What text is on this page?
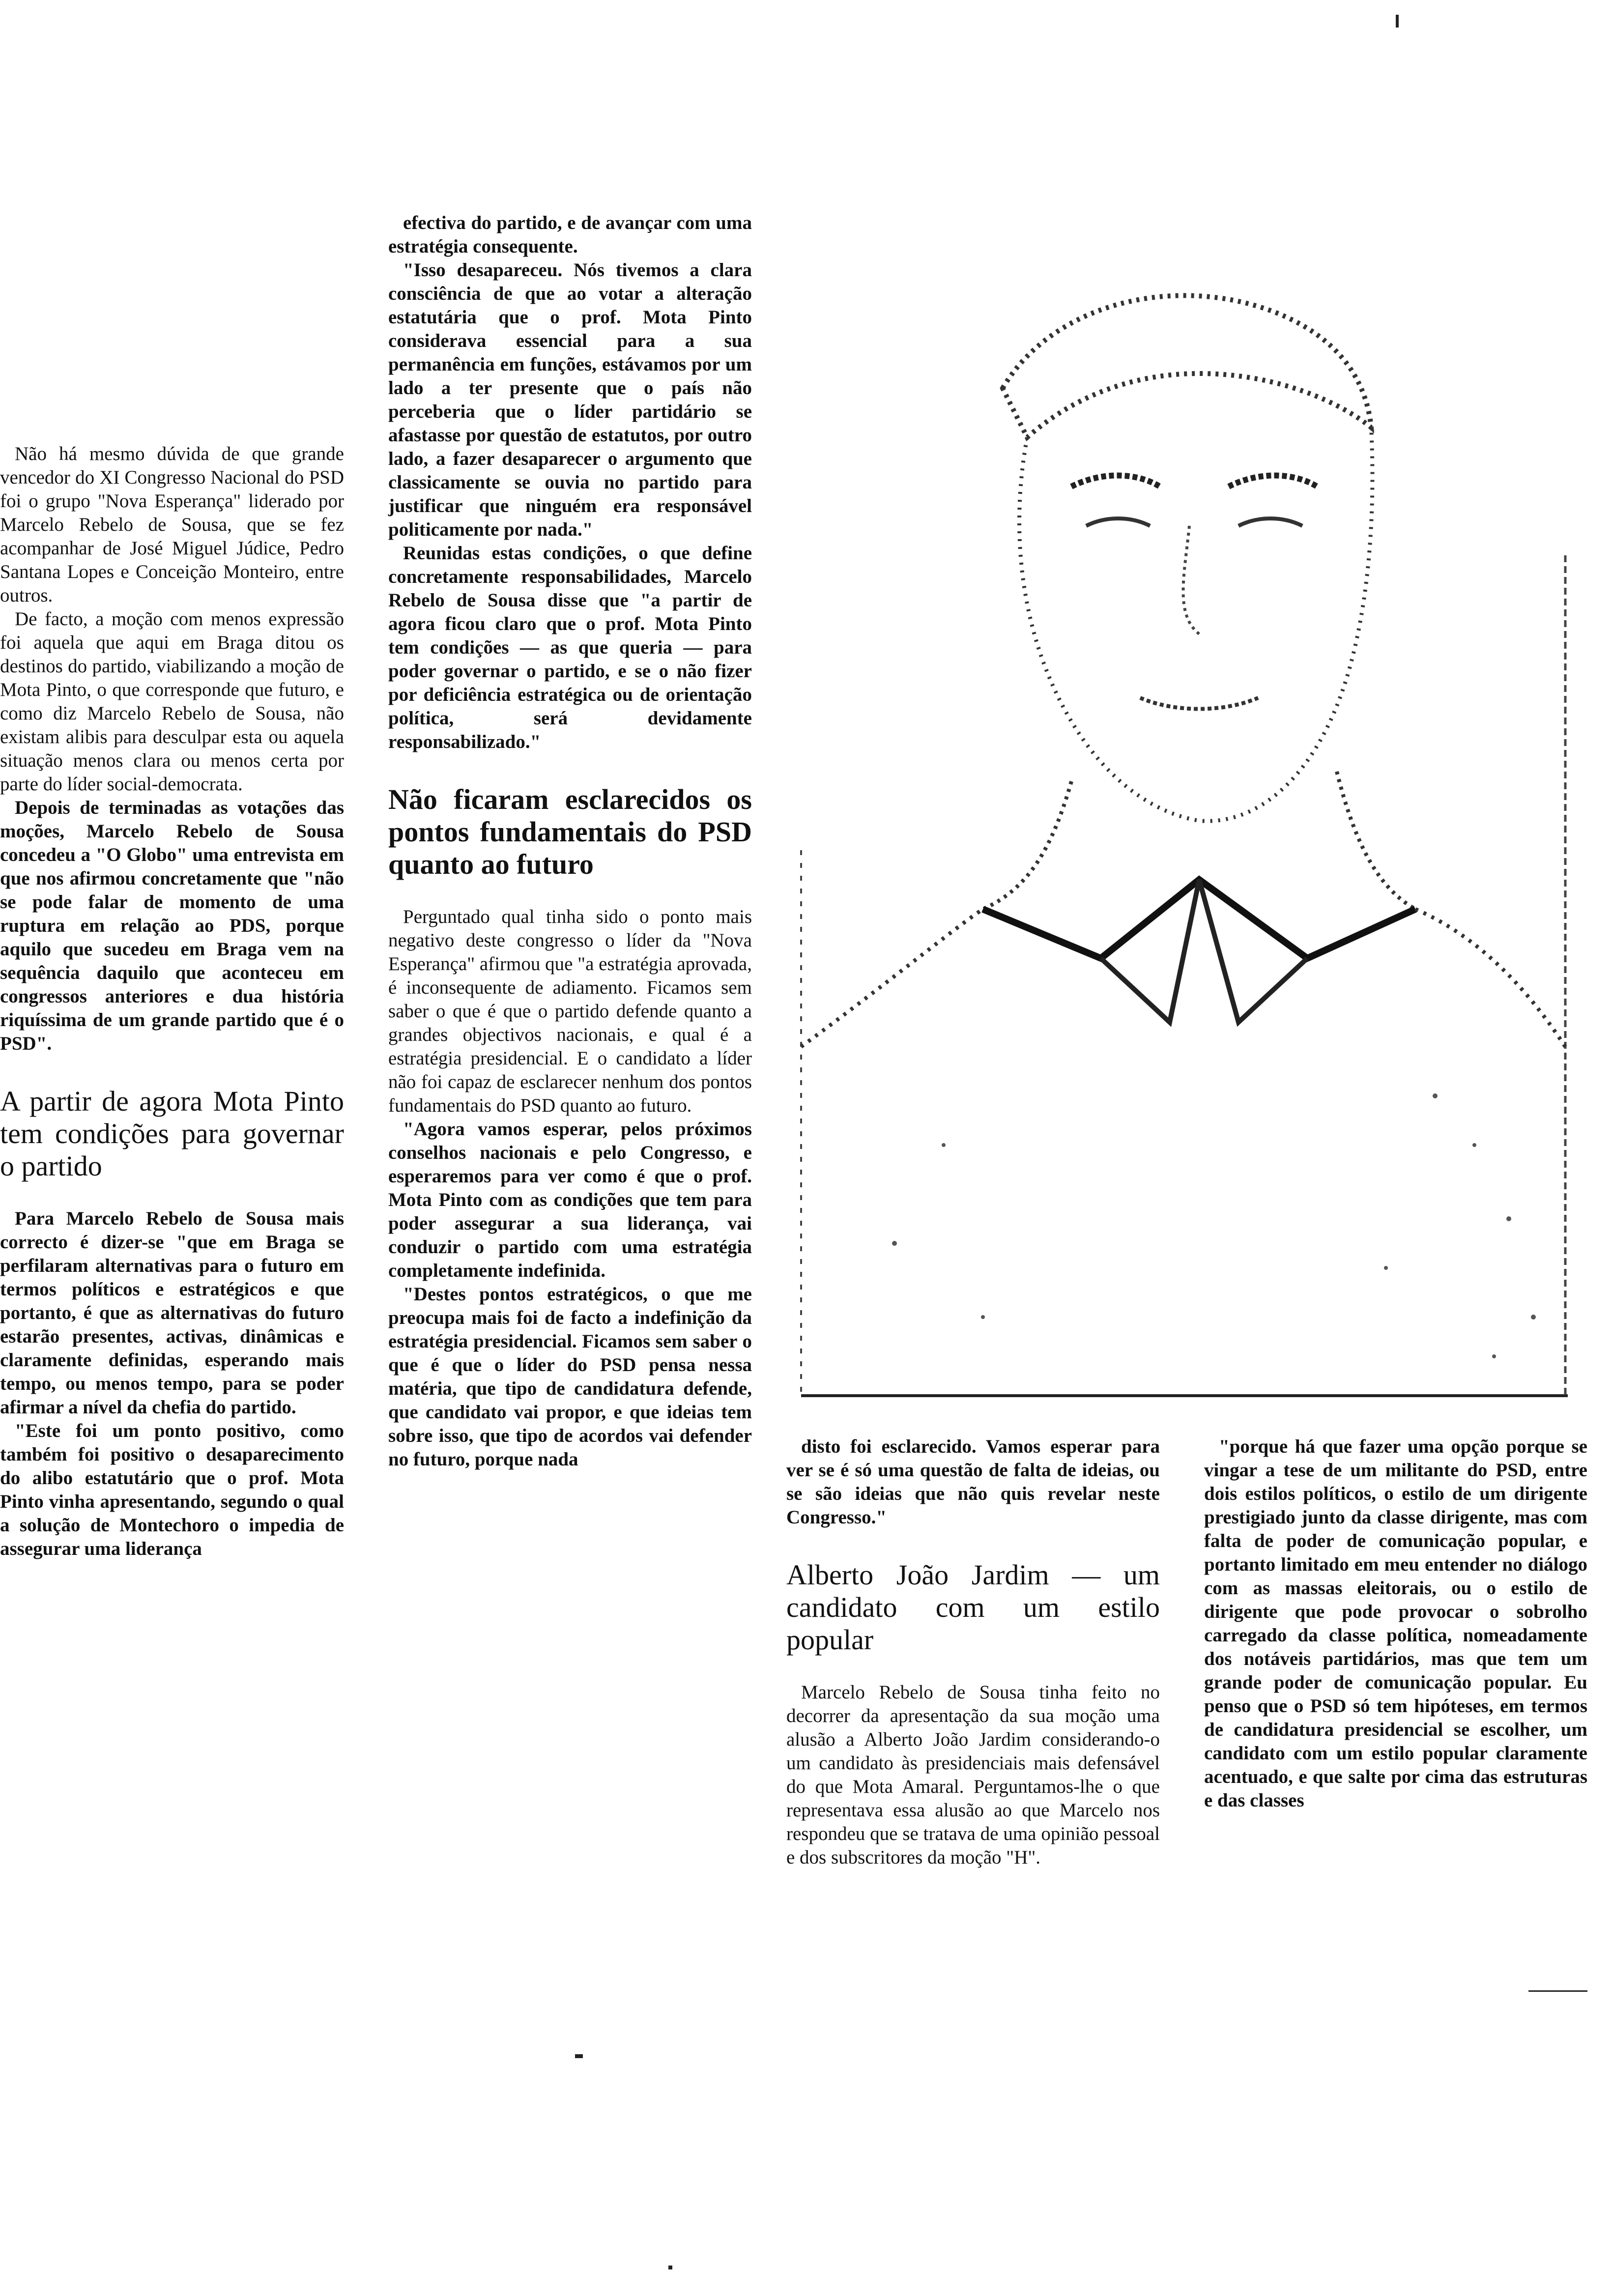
Não há mesmo dúvida de que grande vencedor do XI Congresso Nacional do PSD foi o grupo "Nova Esperança" liderado por Marcelo Rebelo de Sousa, que se fez acompanhar de José Miguel Júdice, Pedro Santana Lopes e Conceição Monteiro, entre outros.

De facto, a moção com menos expressão foi aquela que aqui em Braga ditou os destinos do partido, viabilizando a moção de Mota Pinto, o que corresponde que futuro, e como diz Marcelo Rebelo de Sousa, não existam alibis para desculpar esta ou aquela situação menos clara ou menos certa por parte do líder social-democrata.

Depois de terminadas as votações das moções, Marcelo Rebelo de Sousa concedeu a "O Globo" uma entrevista em que nos afirmou concretamente que "não se pode falar de momento de uma ruptura em relação ao PDS, porque aquilo que sucedeu em Braga vem na sequência daquilo que aconteceu em congressos anteriores e dua história riquíssima de um grande partido que é o PSD".

A partir de agora Mota Pinto tem condições para governar o partido

Para Marcelo Rebelo de Sousa mais correcto é dizer-se "que em Braga se perfilaram alternativas para o futuro em termos políticos e estratégicos e que portanto, é que as alternativas do futuro estarão presentes, activas, dinâmicas e claramente definidas, esperando mais tempo, ou menos tempo, para se poder afirmar a nível da chefia do partido.

"Este foi um ponto positivo, como também foi positivo o desaparecimento do alibo estatutário que o prof. Mota Pinto vinha apresentando, segundo o qual a solução de Montechoro o impedia de assegurar uma liderança

efectiva do partido, e de avançar com uma estratégia consequente.

"Isso desapareceu. Nós tivemos a clara consciência de que ao votar a alteração estatutária que o prof. Mota Pinto considerava essencial para a sua permanência em funções, estávamos por um lado a ter presente que o país não perceberia que o líder partidário se afastasse por questão de estatutos, por outro lado, a fazer desaparecer o argumento que classicamente se ouvia no partido para justificar que ninguém era responsável politicamente por nada."

Reunidas estas condições, o que define concretamente responsabilidades, Marcelo Rebelo de Sousa disse que "a partir de agora ficou claro que o prof. Mota Pinto tem condições — as que queria — para poder governar o partido, e se o não fizer por deficiência estratégica ou de orientação política, será devidamente responsabilizado."

Não ficaram esclarecidos os pontos fundamentais do PSD quanto ao futuro

Perguntado qual tinha sido o ponto mais negativo deste congresso o líder da "Nova Esperança" afirmou que "a estratégia aprovada, é inconsequente de adiamento. Ficamos sem saber o que é que o partido defende quanto a grandes objectivos nacionais, e qual é a estratégia presidencial. E o candidato a líder não foi capaz de esclarecer nenhum dos pontos fundamentais do PSD quanto ao futuro.

"Agora vamos esperar, pelos próximos conselhos nacionais e pelo Congresso, e esperaremos para ver como é que o prof. Mota Pinto com as condições que tem para poder assegurar a sua liderança, vai conduzir o partido com uma estratégia completamente indefinida.

"Destes pontos estratégicos, o que me preocupa mais foi de facto a indefinição da estratégia presidencial. Ficamos sem saber o que é que o líder do PSD pensa nessa matéria, que tipo de candidatura defende, que candidato vai propor, e que ideias tem sobre isso, que tipo de acordos vai defender no futuro, porque nada

disto foi esclarecido. Vamos esperar para ver se é só uma questão de falta de ideias, ou se são ideias que não quis revelar neste Congresso."

Alberto João Jardim — um candidato com um estilo popular

Marcelo Rebelo de Sousa tinha feito no decorrer da apresentação da sua moção uma alusão a Alberto João Jardim considerando-o um candidato às presidenciais mais defensável do que Mota Amaral. Perguntamos-lhe o que representava essa alusão ao que Marcelo nos respondeu que se tratava de uma opinião pessoal e dos subscritores da moção "H".

"porque há que fazer uma opção porque se vingar a tese de um militante do PSD, entre dois estilos políticos, o estilo de um dirigente prestigiado junto da classe dirigente, mas com falta de poder de comunicação popular, e portanto limitado em meu entender no diálogo com as massas eleitorais, ou o estilo de dirigente que pode provocar o sobrolho carregado da classe política, nomeadamente dos notáveis partidários, mas que tem um grande poder de comunicação popular. Eu penso que o PSD só tem hipóteses, em termos de candidatura presidencial se escolher, um candidato com um estilo popular claramente acentuado, e que salte por cima das estruturas e das classes
